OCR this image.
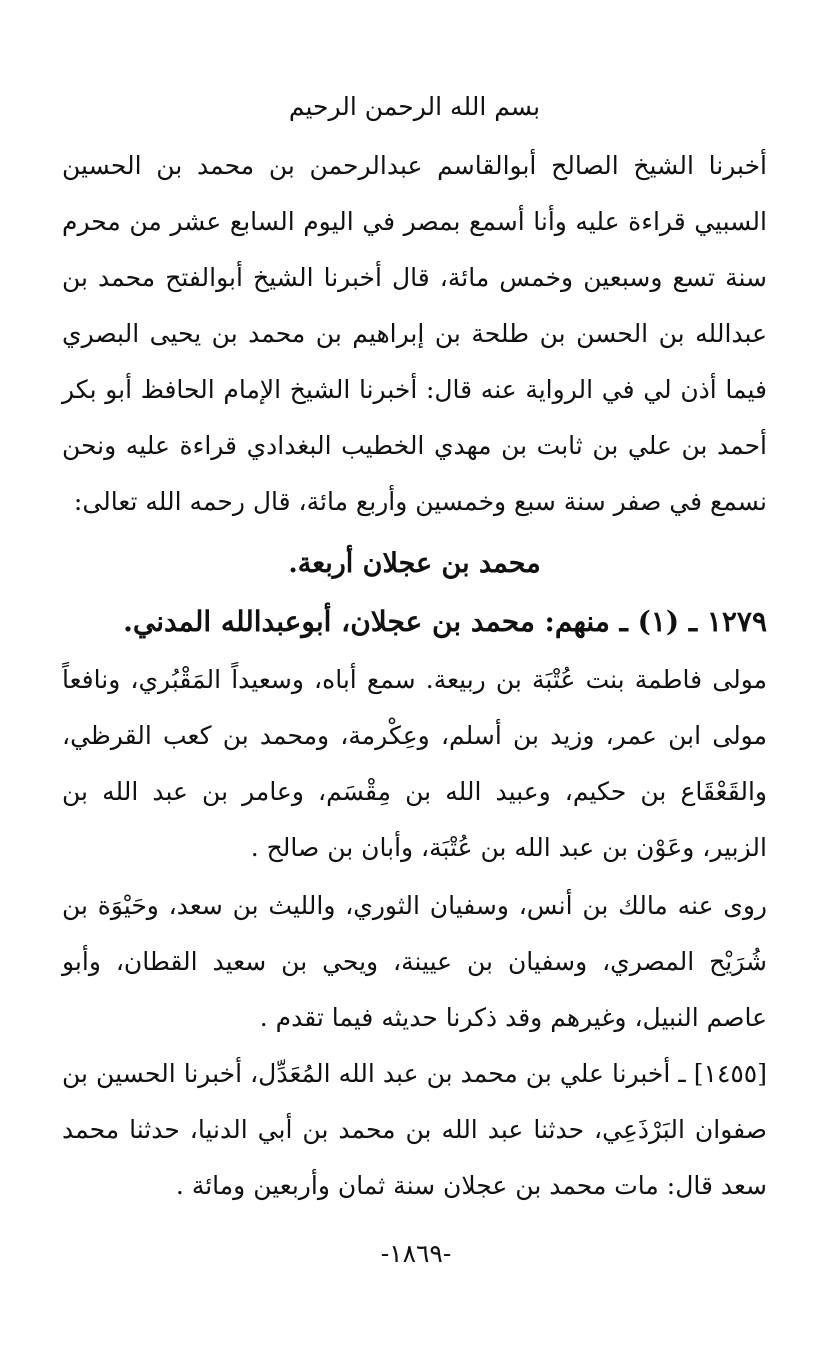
بسم الله الرحمن الرحيم
أخبرنا الشيخ الصالح أبوالقاسم عبدالرحمن بن محمد بن الحسين السبيي قراءة عليه وأنا أسمع بمصر في اليوم السابع عشر من محرم سنة تسع وسبعين وخمس مائة، قال أخبرنا الشيخ أبوالفتح محمد بن عبدالله بن الحسن بن طلحة بن إبراهيم بن محمد بن يحيى البصري فيما أذن لي في الرواية عنه قال: أخبرنا الشيخ الإمام الحافظ أبو بكر أحمد بن علي بن ثابت بن مهدي الخطيب البغدادي قراءة عليه ونحن نسمع في صفر سنة سبع وخمسين وأربع مائة، قال رحمه الله تعالى:
محمد بن عجلان أربعة.
١٢٧٩ ـ (١) ـ منهم: محمد بن عجلان، أبوعبدالله المدني.
مولى فاطمة بنت عُتْبَة بن ربيعة. سمع أباه، وسعيداً المَقْبُري، ونافعاً مولى ابن عمر، وزيد بن أسلم، وعِكْرمة، ومحمد بن كعب القرظي، والقَعْقَاع بن حكيم، وعبيد الله بن مِقْسَم، وعامر بن عبد الله بن الزبير، وعَوْن بن عبد الله بن عُتْبَة، وأبان بن صالح .
روى عنه مالك بن أنس، وسفيان الثوري، والليث بن سعد، وحَيْوَة بن شُرَيْح المصري، وسفيان بن عيينة، ويحي بن سعيد القطان، وأبو عاصم النبيل، وغيرهم وقد ذكرنا حديثه فيما تقدم .
[١٤٥٥] ـ أخبرنا علي بن محمد بن عبد الله المُعَدِّل، أخبرنا الحسين بن صفوان البَرْذَعِي، حدثنا عبد الله بن محمد بن أبي الدنيا، حدثنا محمد سعد قال: مات محمد بن عجلان سنة ثمان وأربعين ومائة .
-١٨٦٩-
